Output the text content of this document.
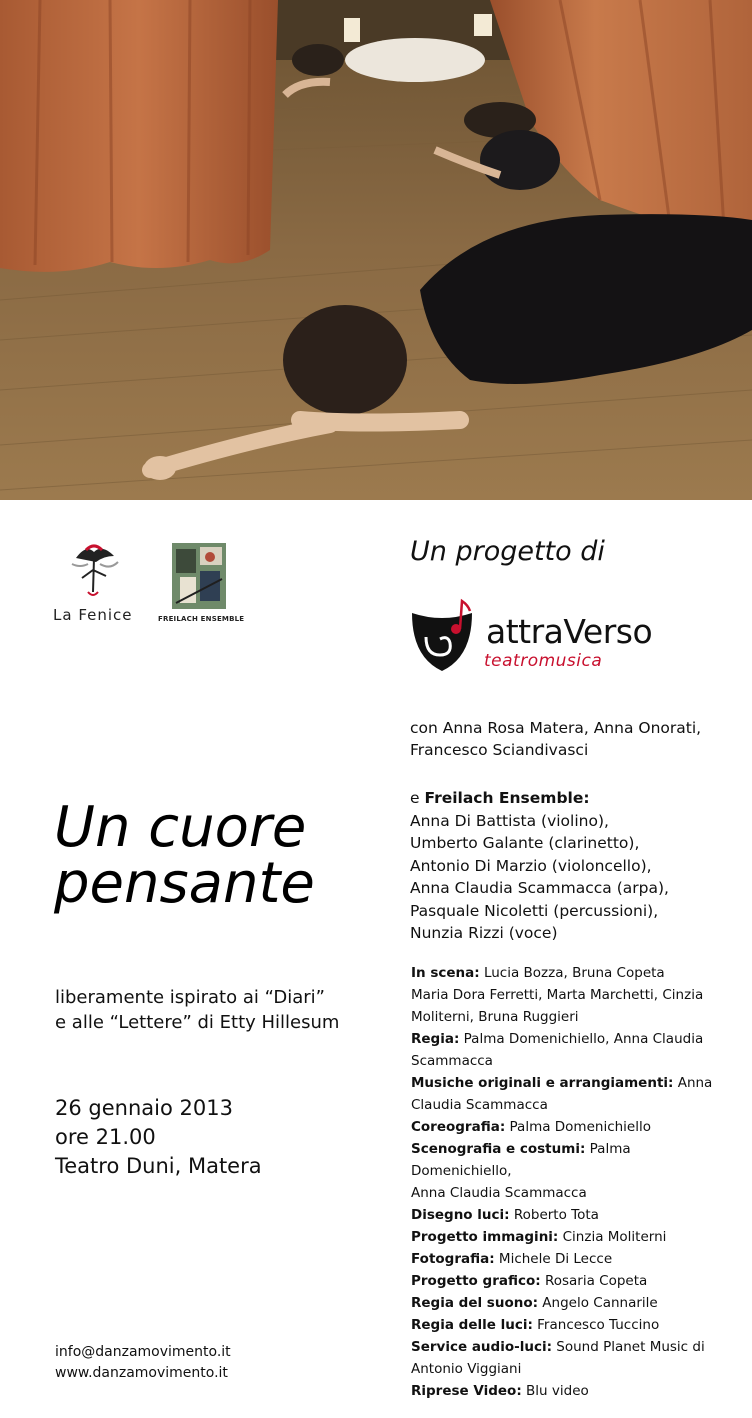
La Fenice	FREILACH ENSEMBLE
Un progetto di
attraVerso
teatromusica
Un cuore
pensante
liberamente ispirato ai “Diari”
e alle “Lettere” di Etty Hillesum
26 gennaio 2013
ore 21.00
Teatro Duni, Matera
info@danzamovimento.it
www.danzamovimento.it
con Anna Rosa Matera, Anna Onorati,
Francesco Sciandivasci
e Freilach Ensemble:
Anna Di Battista (violino),
Umberto Galante (clarinetto),
Antonio Di Marzio (violoncello),
Anna Claudia Scammacca (arpa),
Pasquale Nicoletti (percussioni),
Nunzia Rizzi (voce)
In scena: Lucia Bozza, Bruna Copeta
Maria Dora Ferretti, Marta Marchetti, Cinzia
Moliterni, Bruna Ruggieri
Regia: Palma Domenichiello, Anna Claudia
Scammacca
Musiche originali e arrangiamenti: Anna
Claudia Scammacca
Coreografia: Palma Domenichiello
Scenografia e costumi: Palma Domenichiello,
Anna Claudia Scammacca
Disegno luci: Roberto Tota
Progetto immagini: Cinzia Moliterni
Fotografia: Michele Di Lecce
Progetto grafico: Rosaria Copeta
Regia del suono: Angelo Cannarile
Regia delle luci: Francesco Tuccino
Service audio-luci: Sound Planet Music di
Antonio Viggiani
Riprese Video: Blu video
